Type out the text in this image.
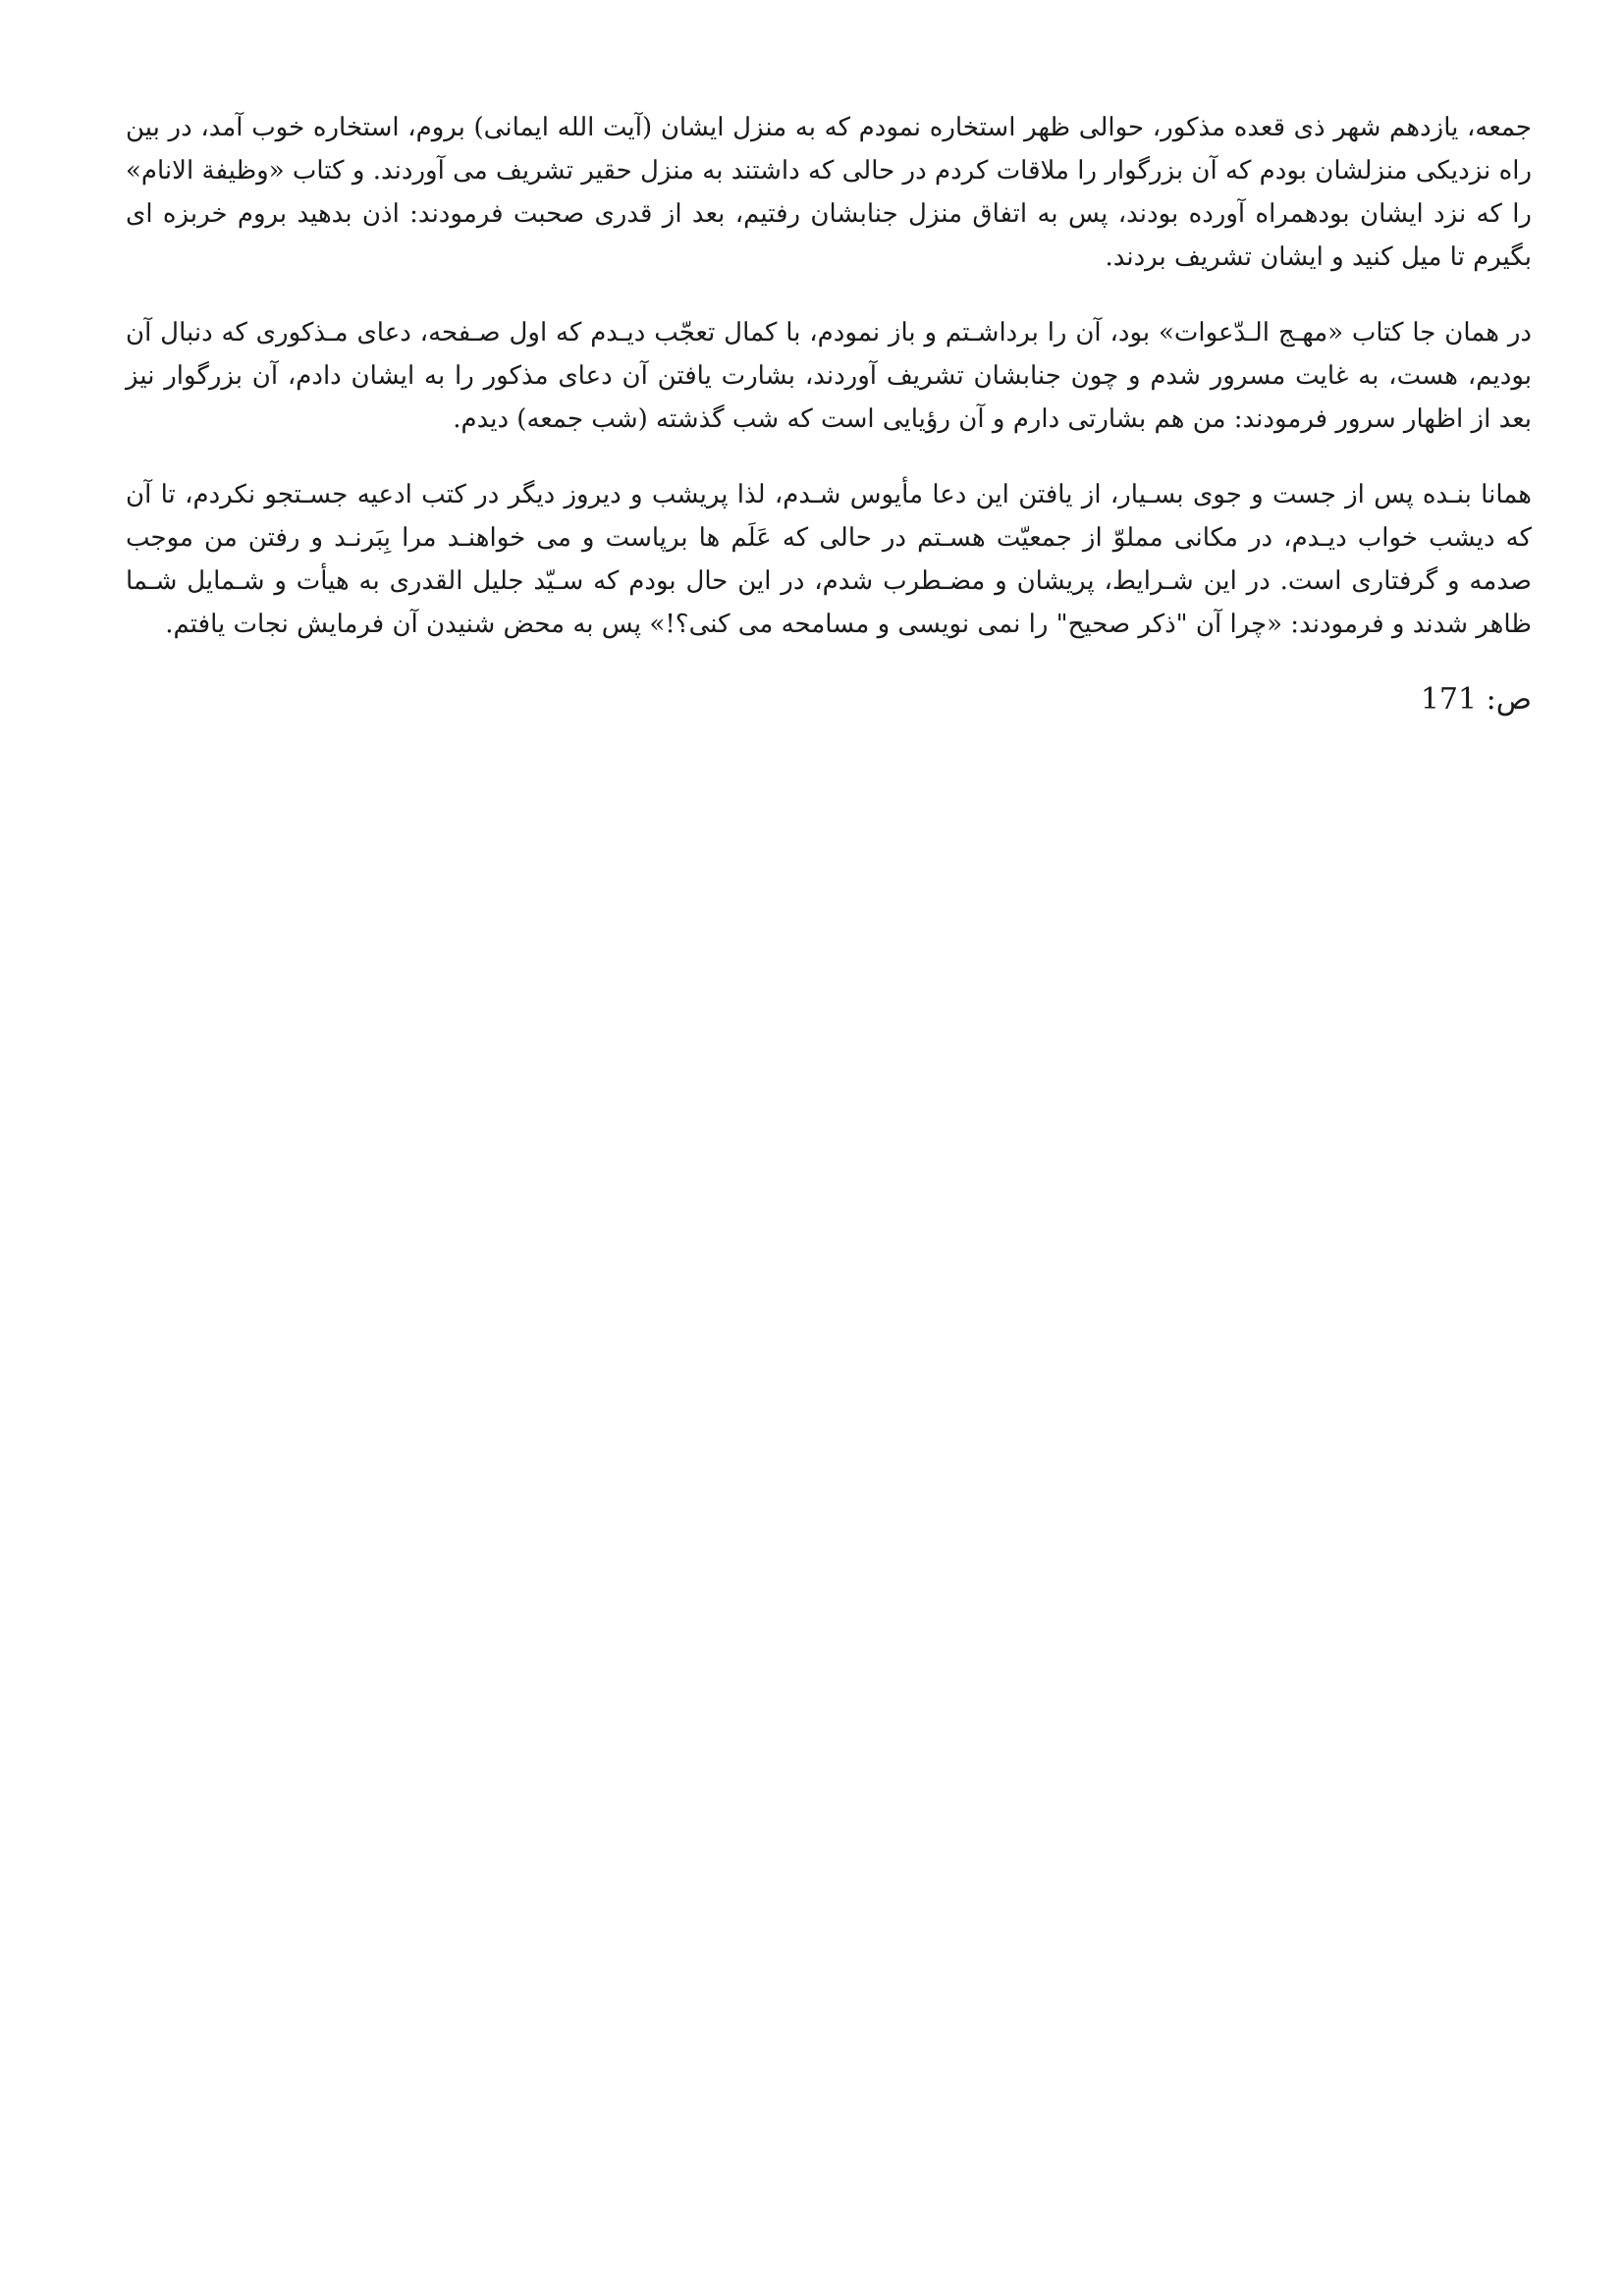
جمعه، یازدهم شهر ذی قعده مذکور، حوالی ظهر استخاره نمودم که به منزل ایشان (آیت الله ایمانی) بروم، استخاره خوب آمد، در بین راه نزدیکی منزلشان بودم که آن بزرگوار را ملاقات کردم در حالی که داشتند به منزل حقیر تشریف می آوردند. و کتاب «وظیفة الانام» را که نزد ایشان بودهمراه آورده بودند، پس به اتفاق منزل جنابشان رفتیم، بعد از قدری صحبت فرمودند: اذن بدهید بروم خربزه ای بگیرم تا میل کنید و ایشان تشریف بردند.

در همان جا کتاب «مهـج الـدّعوات» بود، آن را برداشـتم و باز نمودم، با کمال تعجّب دیـدم که اول صـفحه، دعای مـذکوری که دنبال آن بودیم، هست، به غایت مسرور شدم و چون جنابشان تشریف آوردند، بشارت یافتن آن دعای مذکور را به ایشان دادم، آن بزرگوار نیز بعد از اظهار سرور فرمودند: من هم بشارتی دارم و آن رؤیایی است که شب گذشته (شب جمعه) دیدم.

همانا بنـده پس از جست و جوی بسـیار، از یافتن این دعا مأیوس شـدم، لذا پریشب و دیروز دیگر در کتب ادعیه جسـتجو نکردم، تا آن که دیشب خواب دیـدم، در مکانی مملوّ از جمعیّت هسـتم در حالی که عَلَم ها برپاست و می خواهنـد مرا بِبَرنـد و رفتن من موجب صدمه و گرفتاری است. در این شـرایط، پریشان و مضـطرب شدم، در این حال بودم که سـیّد جلیل القدری به هیأت و شـمایل شـما ظاهر شدند و فرمودند: «چرا آن "ذکر صحیح" را نمی نویسی و مسامحه می کنی؟!» پس به محض شنیدن آن فرمایش نجات یافتم.

ص: 171
